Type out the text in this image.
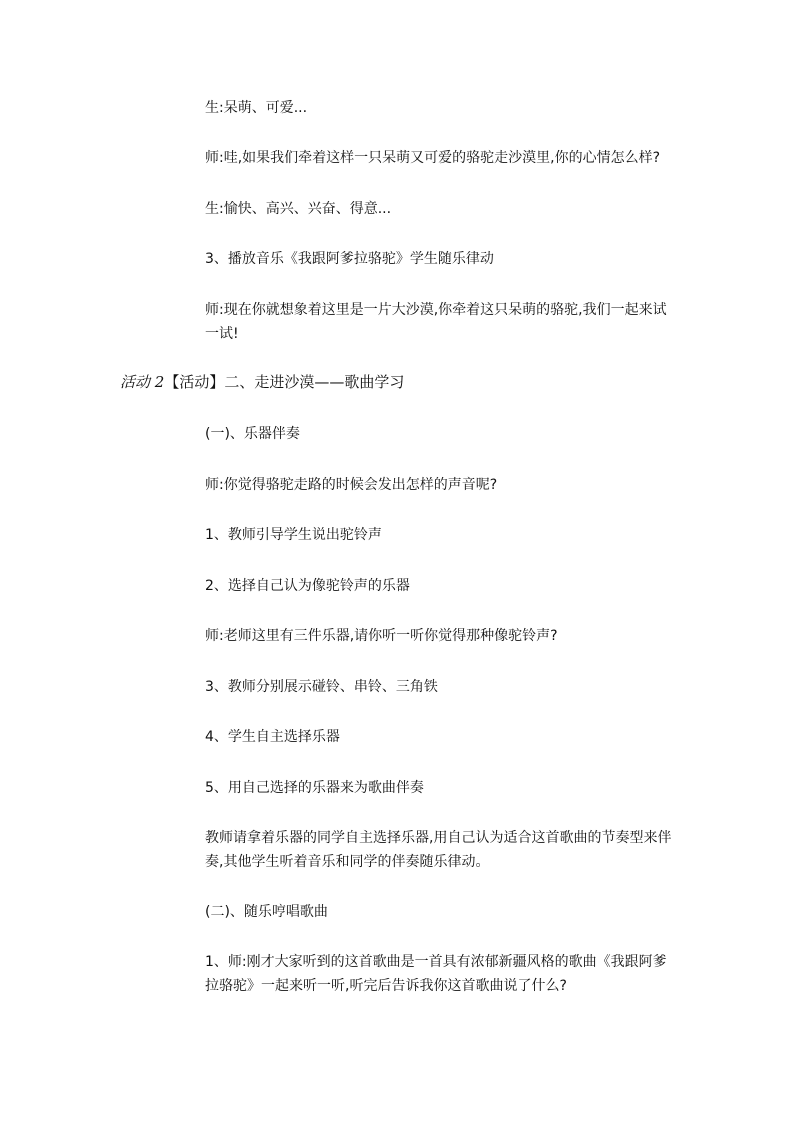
生:呆萌、可爱...
师:哇,如果我们牵着这样一只呆萌又可爱的骆驼走沙漠里,你的心情怎么样?
生:愉快、高兴、兴奋、得意...
3、播放音乐《我跟阿爹拉骆驼》学生随乐律动
师:现在你就想象着这里是一片大沙漠,你牵着这只呆萌的骆驼,我们一起来试一试!
活动 2【活动】二、走进沙漠——歌曲学习
(一)、乐器伴奏
师:你觉得骆驼走路的时候会发出怎样的声音呢?
1、教师引导学生说出驼铃声
2、选择自己认为像驼铃声的乐器
师:老师这里有三件乐器,请你听一听你觉得那种像驼铃声?
3、教师分别展示碰铃、串铃、三角铁
4、学生自主选择乐器
5、用自己选择的乐器来为歌曲伴奏
教师请拿着乐器的同学自主选择乐器,用自己认为适合这首歌曲的节奏型来伴奏,其他学生听着音乐和同学的伴奏随乐律动。
(二)、随乐哼唱歌曲
1、师:刚才大家听到的这首歌曲是一首具有浓郁新疆风格的歌曲《我跟阿爹拉骆驼》一起来听一听,听完后告诉我你这首歌曲说了什么?
